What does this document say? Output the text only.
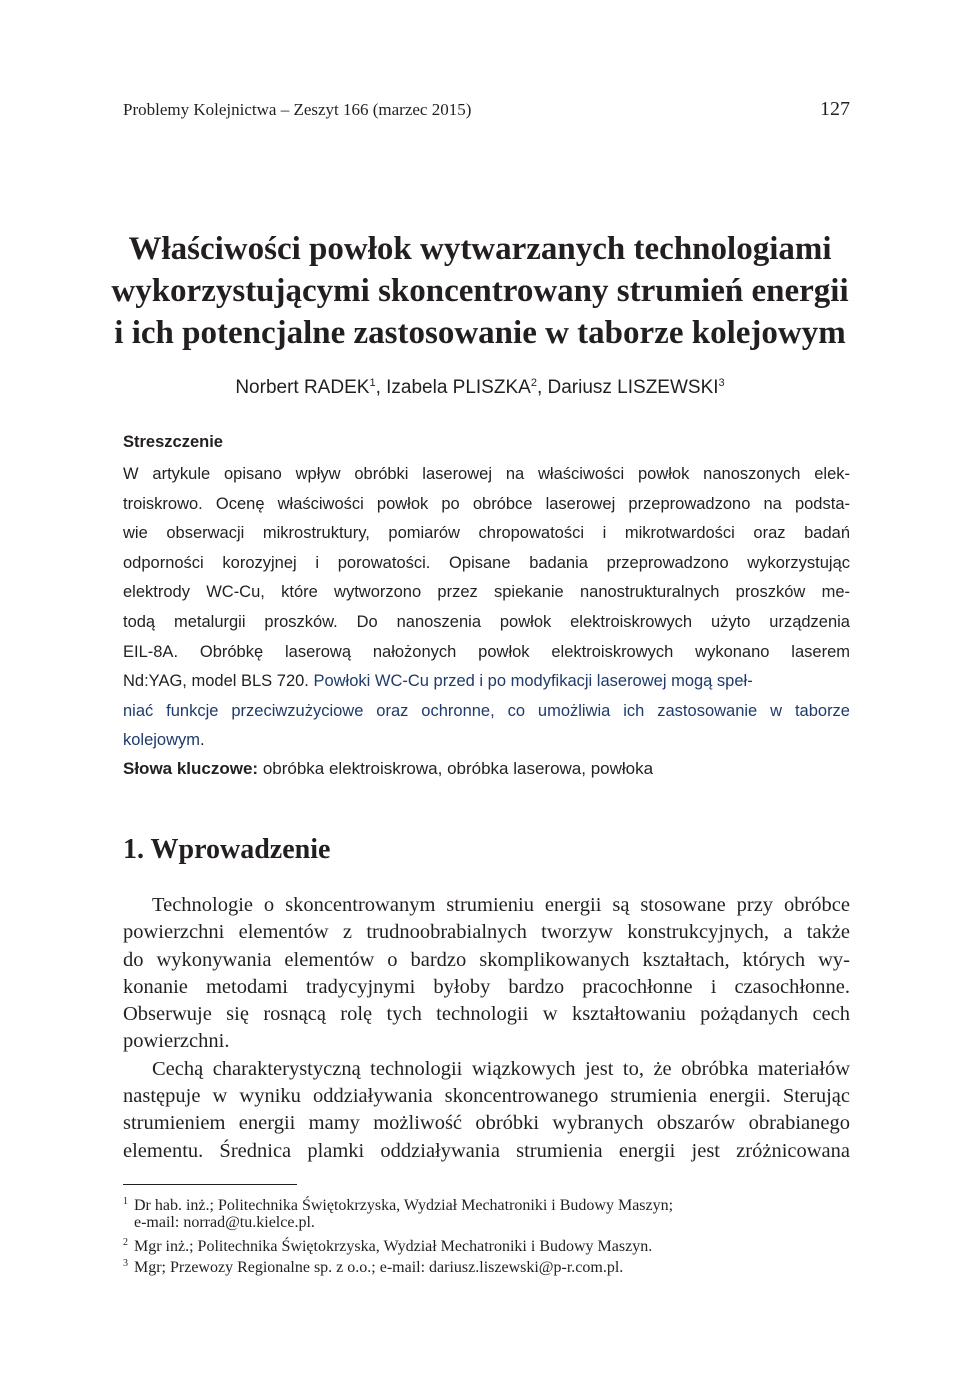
Problemy Kolejnictwa – Zeszyt 166 (marzec 2015)	127
Właściwości powłok wytwarzanych technologiami
wykorzystującymi skoncentrowany strumień energii
i ich potencjalne zastosowanie w taborze kolejowym
Norbert RADEK$^1$, Izabela PLISZKA$^2$, Dariusz LISZEWSKI$^3$
Streszczenie
W artykule opisano wpływ obróbki laserowej na właściwości powłok nanoszonych elek-
troiskrowo. Ocenę właściwości powłok po obróbce laserowej przeprowadzono na podsta-
wie obserwacji mikrostruktury, pomiarów chropowatości i mikrotwardości oraz badań
odporności korozyjnej i porowatości. Opisane badania przeprowadzono wykorzystując
elektrody WC-Cu, które wytworzono przez spiekanie nanostrukturalnych proszków me-
todą metalurgii proszków. Do nanoszenia powłok elektroiskrowych użyto urządzenia
EIL-8A. Obróbkę laserową nałożonych powłok elektroiskrowych wykonano laserem
Nd:YAG, model BLS 720. Powłoki WC-Cu przed i po modyfikacji laserowej mogą speł-
niać funkcje przeciwzużyciowe oraz ochronne, co umożliwia ich zastosowanie w taborze
kolejowym.
Słowa kluczowe: obróbka elektroiskrowa, obróbka laserowa, powłoka
1. Wprowadzenie
Technologie o skoncentrowanym strumieniu energii są stosowane przy obróbce
powierzchni elementów z trudnoobrabialnych tworzyw konstrukcyjnych, a także
do wykonywania elementów o bardzo skomplikowanych kształtach, których wy-
konanie metodami tradycyjnymi byłoby bardzo pracochłonne i czasochłonne.
Obserwuje się rosnącą rolę tych technologii w kształtowaniu pożądanych cech
powierzchni.
Cechą charakterystyczną technologii wiązkowych jest to, że obróbka materiałów
następuje w wyniku oddziaływania skoncentrowanego strumienia energii. Sterując
strumieniem energii mamy możliwość obróbki wybranych obszarów obrabianego
elementu. Średnica plamki oddziaływania strumienia energii jest zróżnicowana
$^1$ Dr hab. inż.; Politechnika Świętokrzyska, Wydział Mechatroniki i Budowy Maszyn;
e-mail: norrad@tu.kielce.pl.
$^2$ Mgr inż.; Politechnika Świętokrzyska, Wydział Mechatroniki i Budowy Maszyn.
$^3$ Mgr; Przewozy Regionalne sp. z o.o.; e-mail: dariusz.liszewski@p-r.com.pl.
